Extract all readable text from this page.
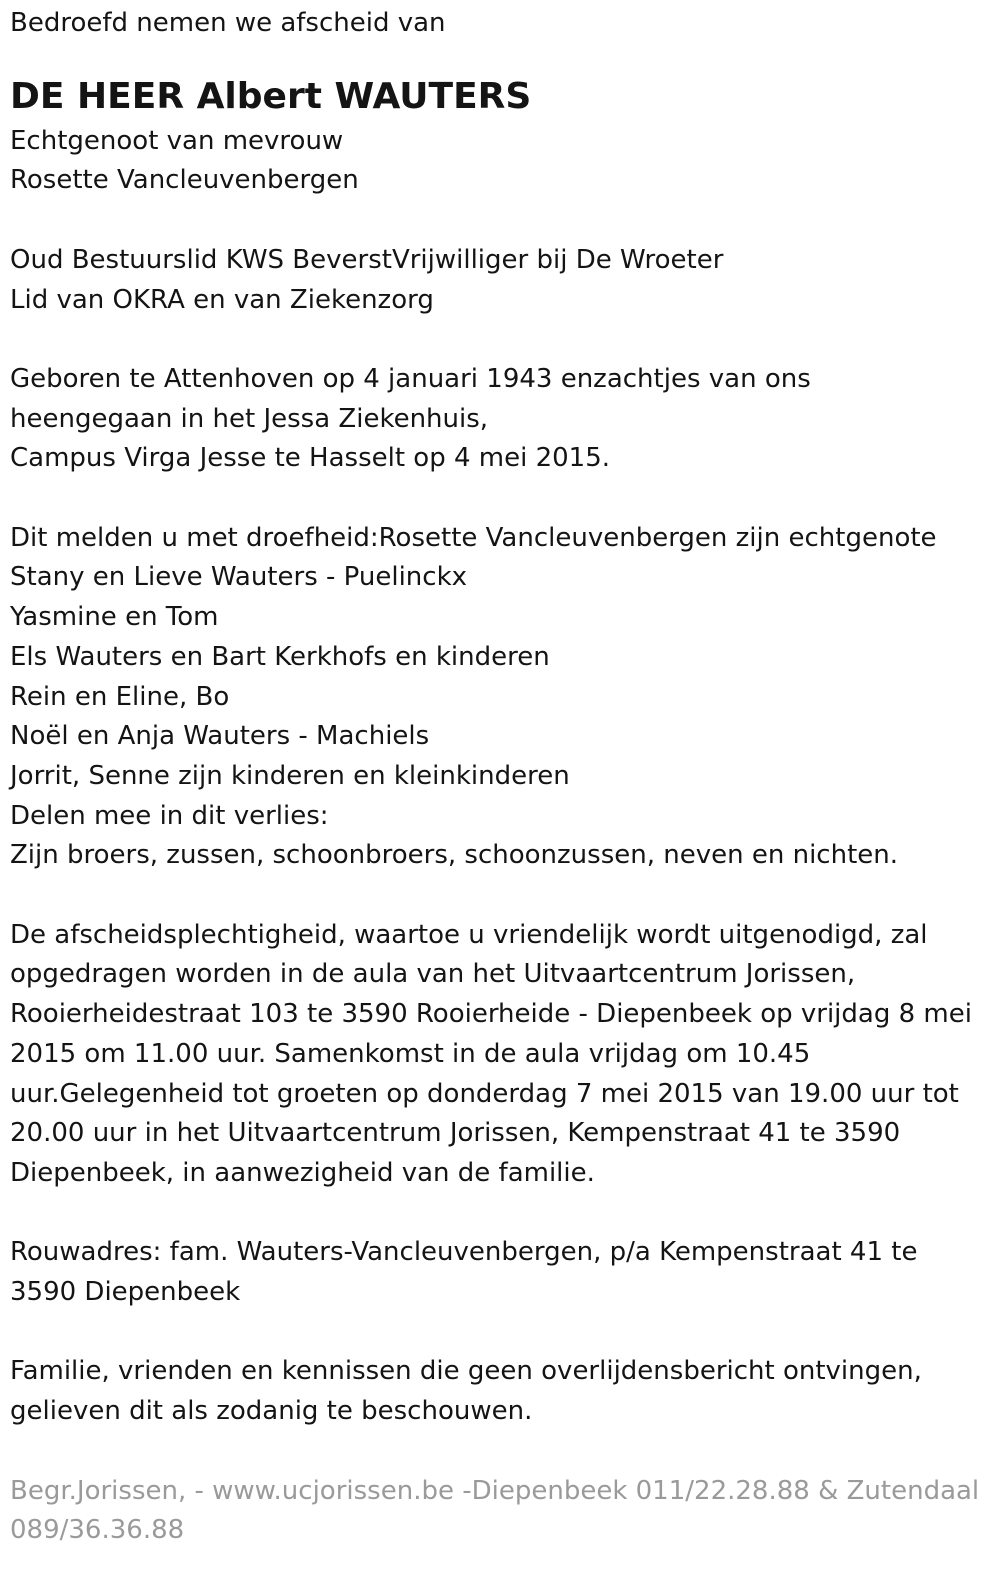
Bedroefd nemen we afscheid van

DE HEER Albert WAUTERS

Echtgenoot van mevrouw

Rosette Vancleuvenbergen

Oud Bestuurslid KWS BeverstVrijwilliger bij De Wroeter

Lid van OKRA en van Ziekenzorg

Geboren te Attenhoven op 4 januari 1943 enzachtjes van ons

heengegaan in het Jessa Ziekenhuis,

Campus Virga Jesse te Hasselt op 4 mei 2015.

Dit melden u met droefheid:Rosette Vancleuvenbergen zijn echtgenote

Stany en Lieve Wauters - Puelinckx

Yasmine en Tom

Els Wauters en Bart Kerkhofs en kinderen

Rein en Eline, Bo

Noël en Anja Wauters - Machiels

Jorrit, Senne zijn kinderen en kleinkinderen

Delen mee in dit verlies:

Zijn broers, zussen, schoonbroers, schoonzussen, neven en nichten.

De afscheidsplechtigheid, waartoe u vriendelijk wordt uitgenodigd, zal

opgedragen worden in de aula van het Uitvaartcentrum Jorissen,

Rooierheidestraat 103 te 3590 Rooierheide - Diepenbeek op vrijdag 8 mei

2015 om 11.00 uur. Samenkomst in de aula vrijdag om 10.45

uur.Gelegenheid tot groeten op donderdag 7 mei 2015 van 19.00 uur tot

20.00 uur in het Uitvaartcentrum Jorissen, Kempenstraat 41 te 3590

Diepenbeek, in aanwezigheid van de familie.

Rouwadres: fam. Wauters-Vancleuvenbergen, p/a Kempenstraat 41 te

3590 Diepenbeek

Familie, vrienden en kennissen die geen overlijdensbericht ontvingen,

gelieven dit als zodanig te beschouwen.

Begr.Jorissen, - www.ucjorissen.be -Diepenbeek 011/22.28.88 & Zutendaal

089/36.36.88
